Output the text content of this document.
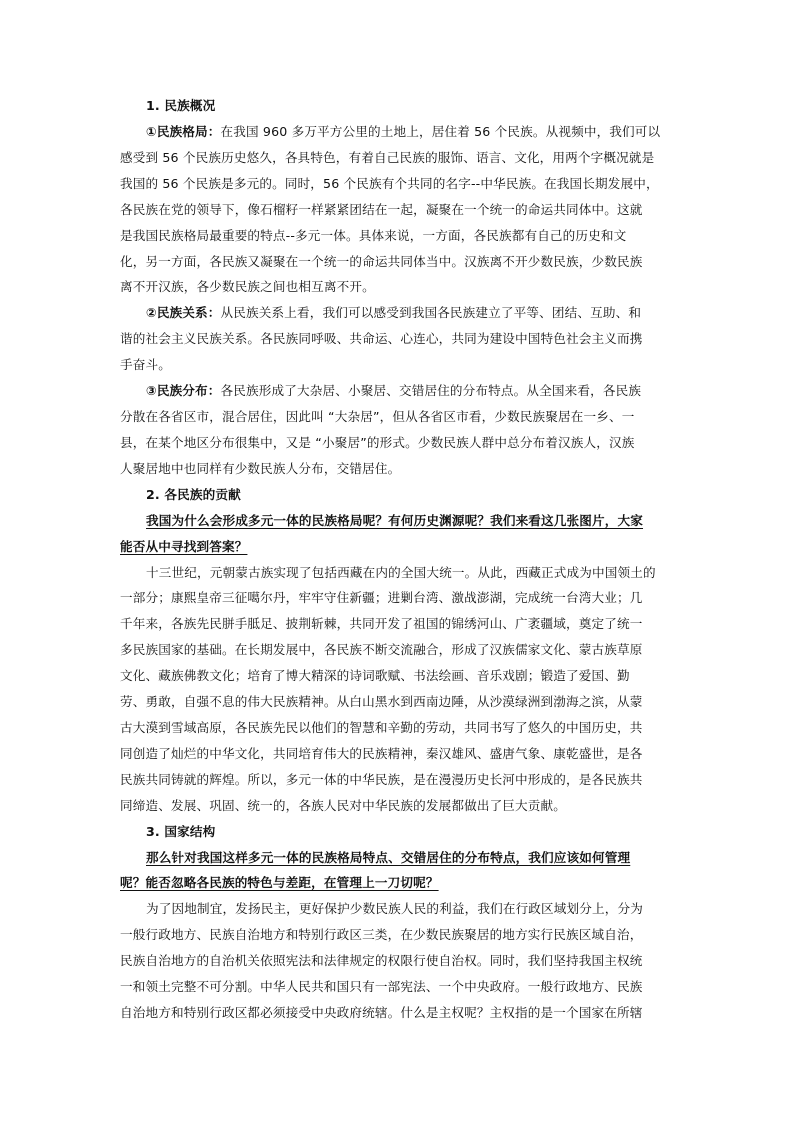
1. 民族概况
①民族格局：在我国 960 多万平方公里的土地上，居住着 56 个民族。从视频中，我们可以
感受到 56 个民族历史悠久，各具特色，有着自己民族的服饰、语言、文化，用两个字概况就是
我国的 56 个民族是多元的。同时，56 个民族有个共同的名字--中华民族。在我国长期发展中，
各民族在党的领导下，像石榴籽一样紧紧团结在一起，凝聚在一个统一的命运共同体中。这就
是我国民族格局最重要的特点--多元一体。具体来说，一方面，各民族都有自己的历史和文
化，另一方面，各民族又凝聚在一个统一的命运共同体当中。汉族离不开少数民族，少数民族
离不开汉族，各少数民族之间也相互离不开。
②民族关系：从民族关系上看，我们可以感受到我国各民族建立了平等、团结、互助、和
谐的社会主义民族关系。各民族同呼吸、共命运、心连心，共同为建设中国特色社会主义而携
手奋斗。
③民族分布：各民族形成了大杂居、小聚居、交错居住的分布特点。从全国来看，各民族
分散在各省区市，混合居住，因此叫 “大杂居”，但从各省区市看，少数民族聚居在一乡、一
县，在某个地区分布很集中，又是 “小聚居”的形式。少数民族人群中总分布着汉族人，汉族
人聚居地中也同样有少数民族人分布，交错居住。
2. 各民族的贡献
我国为什么会形成多元一体的民族格局呢？有何历史渊源呢？我们来看这几张图片，大家
能否从中寻找到答案？
十三世纪，元朝蒙古族实现了包括西藏在内的全国大统一。从此，西藏正式成为中国领土的
一部分；康熙皇帝三征噶尔丹，牢牢守住新疆；进剿台湾、激战澎湖，完成统一台湾大业；几
千年来，各族先民胼手胝足、披荆斩棘，共同开发了祖国的锦绣河山、广袤疆域，奠定了统一
多民族国家的基础。在长期发展中，各民族不断交流融合，形成了汉族儒家文化、蒙古族草原
文化、藏族佛教文化；培育了博大精深的诗词歌赋、书法绘画、音乐戏剧；锻造了爱国、勤
劳、勇敢，自强不息的伟大民族精神。从白山黑水到西南边陲，从沙漠绿洲到渤海之滨，从蒙
古大漠到雪域高原，各民族先民以他们的智慧和辛勤的劳动，共同书写了悠久的中国历史，共
同创造了灿烂的中华文化，共同培育伟大的民族精神，秦汉雄风、盛唐气象、康乾盛世，是各
民族共同铸就的辉煌。所以，多元一体的中华民族，是在漫漫历史长河中形成的，是各民族共
同缔造、发展、巩固、统一的，各族人民对中华民族的发展都做出了巨大贡献。
3. 国家结构
那么针对我国这样多元一体的民族格局特点、交错居住的分布特点，我们应该如何管理
呢？能否忽略各民族的特色与差距，在管理上一刀切呢？
为了因地制宜，发扬民主，更好保护少数民族人民的利益，我们在行政区域划分上，分为
一般行政地方、民族自治地方和特别行政区三类，在少数民族聚居的地方实行民族区域自治，
民族自治地方的自治机关依照宪法和法律规定的权限行使自治权。同时，我们坚持我国主权统
一和领土完整不可分割。中华人民共和国只有一部宪法、一个中央政府。一般行政地方、民族
自治地方和特别行政区都必须接受中央政府统辖。什么是主权呢？主权指的是一个国家在所辖
